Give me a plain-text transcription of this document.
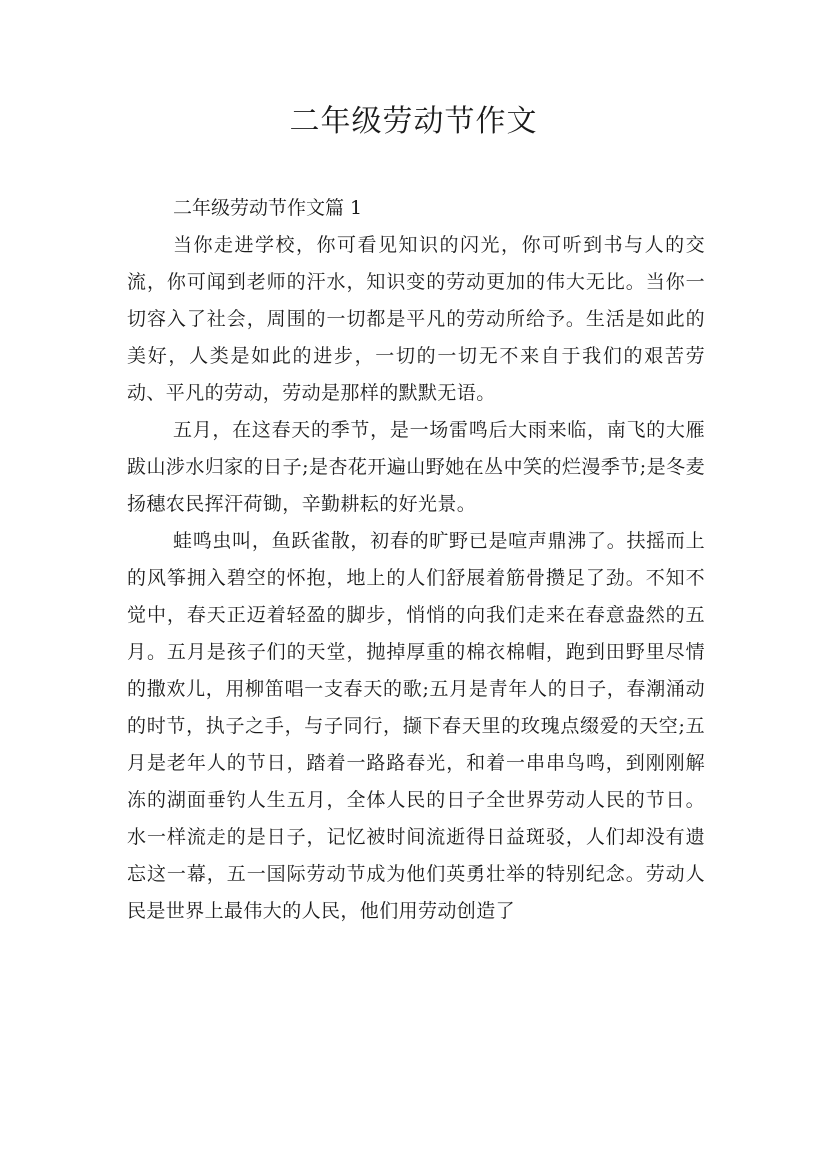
二年级劳动节作文

二年级劳动节作文篇 1

当你走进学校，你可看见知识的闪光，你可听到书与人的交流，你可闻到老师的汗水，知识变的劳动更加的伟大无比。当你一切容入了社会，周围的一切都是平凡的劳动所给予。生活是如此的美好，人类是如此的进步，一切的一切无不来自于我们的艰苦劳动、平凡的劳动，劳动是那样的默默无语。

五月，在这春天的季节，是一场雷鸣后大雨来临，南飞的大雁跋山涉水归家的日子;是杏花开遍山野她在丛中笑的烂漫季节;是冬麦扬穗农民挥汗荷锄，辛勤耕耘的好光景。

蛙鸣虫叫，鱼跃雀散，初春的旷野已是喧声鼎沸了。扶摇而上的风筝拥入碧空的怀抱，地上的人们舒展着筋骨攒足了劲。不知不觉中，春天正迈着轻盈的脚步，悄悄的向我们走来在春意盎然的五月。五月是孩子们的天堂，抛掉厚重的棉衣棉帽，跑到田野里尽情的撒欢儿，用柳笛唱一支春天的歌;五月是青年人的日子，春潮涌动的时节，执子之手，与子同行，撷下春天里的玫瑰点缀爱的天空;五月是老年人的节日，踏着一路路春光，和着一串串鸟鸣，到刚刚解冻的湖面垂钓人生五月，全体人民的日子全世界劳动人民的节日。水一样流走的是日子，记忆被时间流逝得日益斑驳，人们却没有遗忘这一幕，五一国际劳动节成为他们英勇壮举的特别纪念。劳动人民是世界上最伟大的人民，他们用劳动创造了
